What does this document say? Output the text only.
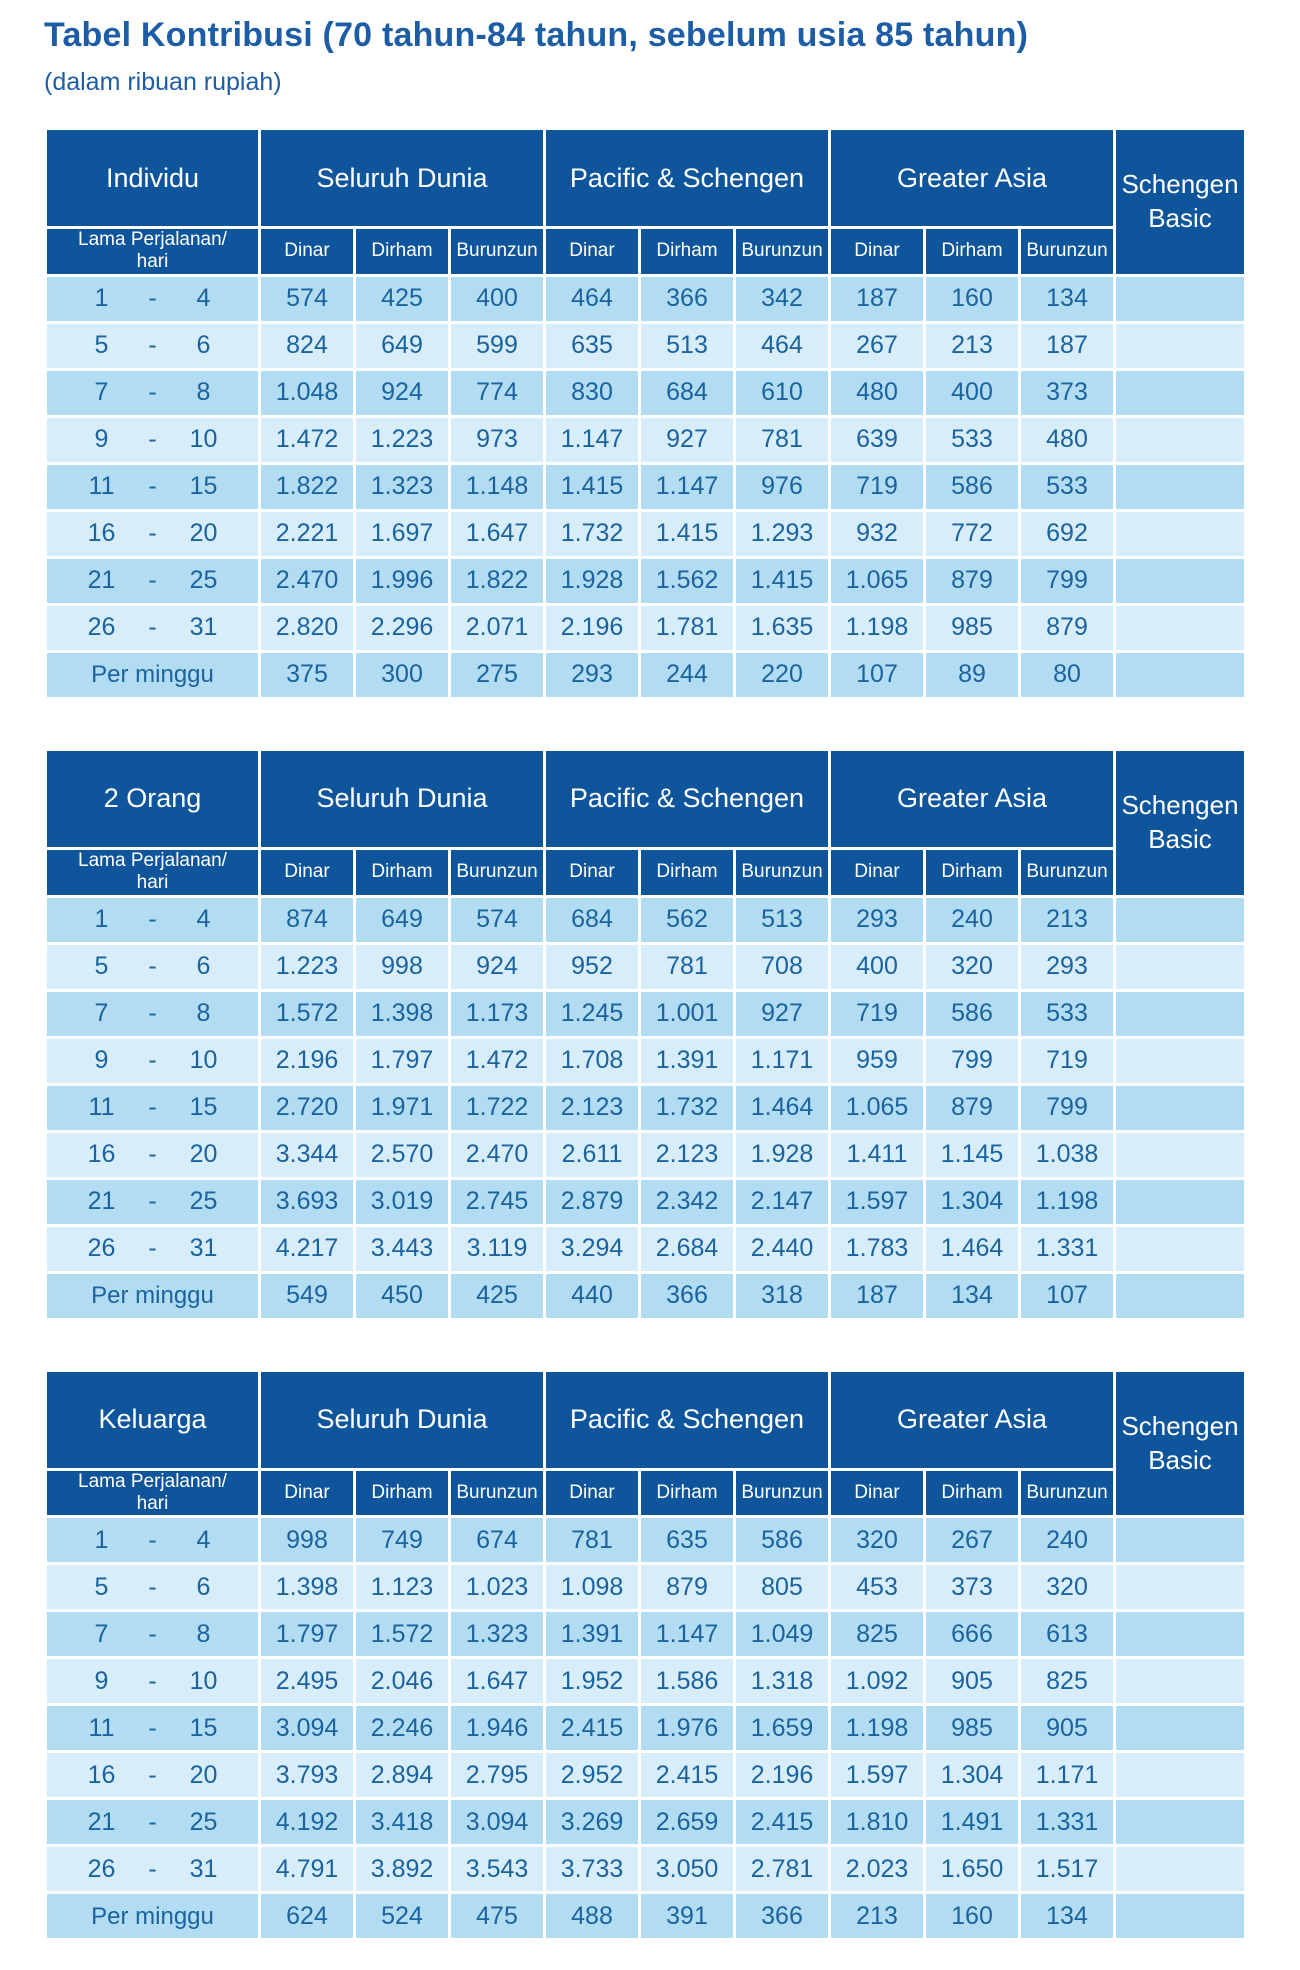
Tabel Kontribusi (70 tahun-84 tahun, sebelum usia 85 tahun)
(dalam ribuan rupiah)
Individu	Seluruh Dunia			Pacific & Schengen			Greater Asia			Schengen Basic

Lama Perjalanan/
hari	Dinar	Dirham	Burunzun	Dinar	Dirham	Burunzun	Dinar	Dirham	Burunzun	

1 - 4	574	425	400	464	366	342	187	160	134	

5 - 6	824	649	599	635	513	464	267	213	187	

7 - 8	1.048	924	774	830	684	610	480	400	373	

9 - 10	1.472	1.223	973	1.147	927	781	639	533	480	

11 - 15	1.822	1.323	1.148	1.415	1.147	976	719	586	533	

16 - 20	2.221	1.697	1.647	1.732	1.415	1.293	932	772	692	

21 - 25	2.470	1.996	1.822	1.928	1.562	1.415	1.065	879	799	

26 - 31	2.820	2.296	2.071	2.196	1.781	1.635	1.198	985	879	
Per minggu	375	300	275	293	244	220	107	89	80	
2 Orang	Seluruh Dunia			Pacific & Schengen			Greater Asia			Schengen Basic

Lama Perjalanan/
hari	Dinar	Dirham	Burunzun	Dinar	Dirham	Burunzun	Dinar	Dirham	Burunzun	

1 - 4	874	649	574	684	562	513	293	240	213	

5 - 6	1.223	998	924	952	781	708	400	320	293	

7 - 8	1.572	1.398	1.173	1.245	1.001	927	719	586	533	

9 - 10	2.196	1.797	1.472	1.708	1.391	1.171	959	799	719	

11 - 15	2.720	1.971	1.722	2.123	1.732	1.464	1.065	879	799	

16 - 20	3.344	2.570	2.470	2.611	2.123	1.928	1.411	1.145	1.038	

21 - 25	3.693	3.019	2.745	2.879	2.342	2.147	1.597	1.304	1.198	

26 - 31	4.217	3.443	3.119	3.294	2.684	2.440	1.783	1.464	1.331	
Per minggu	549	450	425	440	366	318	187	134	107	
Keluarga	Seluruh Dunia			Pacific & Schengen			Greater Asia			Schengen Basic

Lama Perjalanan/
hari	Dinar	Dirham	Burunzun	Dinar	Dirham	Burunzun	Dinar	Dirham	Burunzun	

1 - 4	998	749	674	781	635	586	320	267	240	

5 - 6	1.398	1.123	1.023	1.098	879	805	453	373	320	

7 - 8	1.797	1.572	1.323	1.391	1.147	1.049	825	666	613	

9 - 10	2.495	2.046	1.647	1.952	1.586	1.318	1.092	905	825	

11 - 15	3.094	2.246	1.946	2.415	1.976	1.659	1.198	985	905	

16 - 20	3.793	2.894	2.795	2.952	2.415	2.196	1.597	1.304	1.171	

21 - 25	4.192	3.418	3.094	3.269	2.659	2.415	1.810	1.491	1.331	

26 - 31	4.791	3.892	3.543	3.733	3.050	2.781	2.023	1.650	1.517	
Per minggu	624	524	475	488	391	366	213	160	134	
